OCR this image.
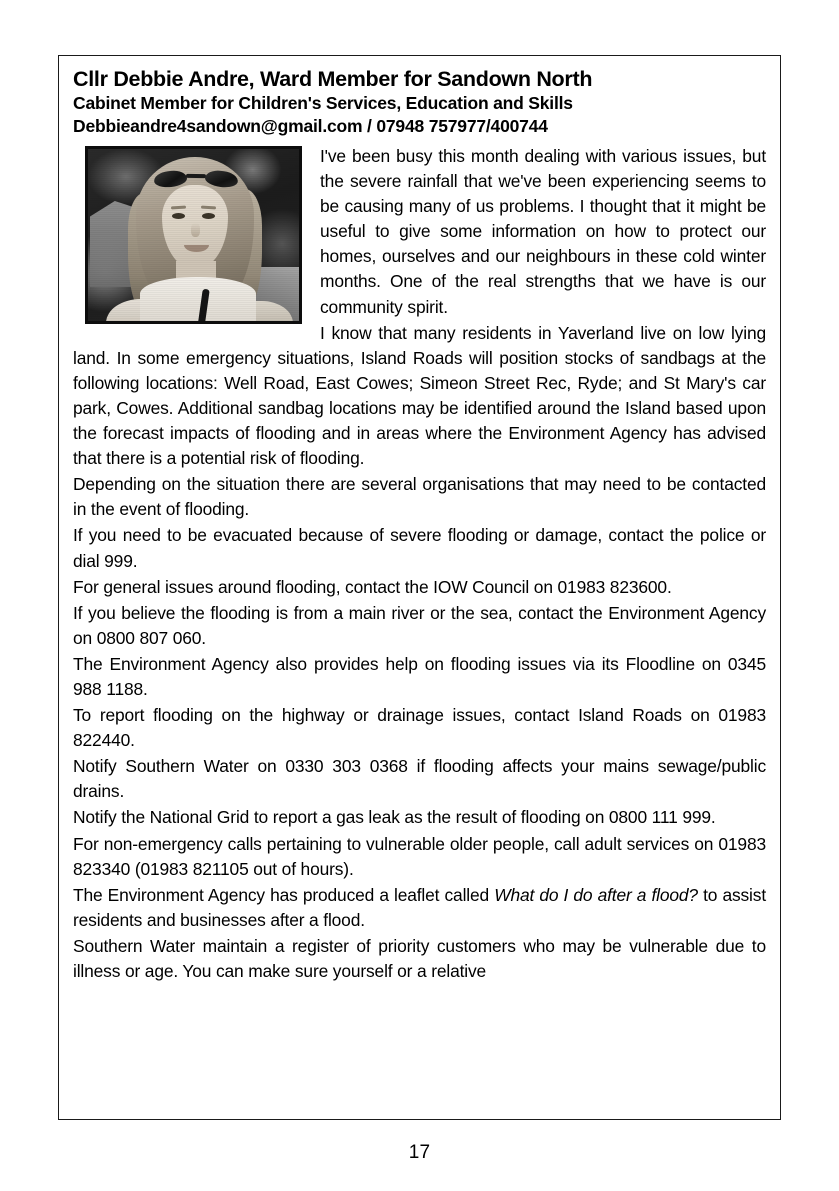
Cllr Debbie Andre, Ward Member for Sandown North
Cabinet Member for Children's Services, Education and Skills
Debbieandre4sandown@gmail.com / 07948 757977/400744

I've been busy this month dealing with various issues, but the severe rainfall that we've been experiencing seems to be causing many of us problems. I thought that it might be useful to give some information on how to protect our homes, ourselves and our neighbours in these cold winter months. One of the real strengths that we have is our community spirit.

I know that many residents in Yaverland live on low lying land. In some emergency situations, Island Roads will position stocks of sandbags at the following locations: Well Road, East Cowes; Simeon Street Rec, Ryde; and St Mary's car park, Cowes. Additional sandbag locations may be identified around the Island based upon the forecast impacts of flooding and in areas where the Environment Agency has advised that there is a potential risk of flooding.

Depending on the situation there are several organisations that may need to be contacted in the event of flooding.

If you need to be evacuated because of severe flooding or damage, contact the police or dial 999.

For general issues around flooding, contact the IOW Council on 01983 823600.

If you believe the flooding is from a main river or the sea, contact the Environment Agency on 0800 807 060.

The Environment Agency also provides help on flooding issues via its Floodline on 0345 988 1188.

To report flooding on the highway or drainage issues, contact Island Roads on 01983 822440.

Notify Southern Water on 0330 303 0368 if flooding affects your mains sewage/public drains.

Notify the National Grid to report a gas leak as the result of flooding on 0800 111 999.

For non-emergency calls pertaining to vulnerable older people, call adult services on 01983 823340 (01983 821105 out of hours).

The Environment Agency has produced a leaflet called What do I do after a flood? to assist residents and businesses after a flood.

Southern Water maintain a register of priority customers who may be vulnerable due to illness or age. You can make sure yourself or a relative

17
